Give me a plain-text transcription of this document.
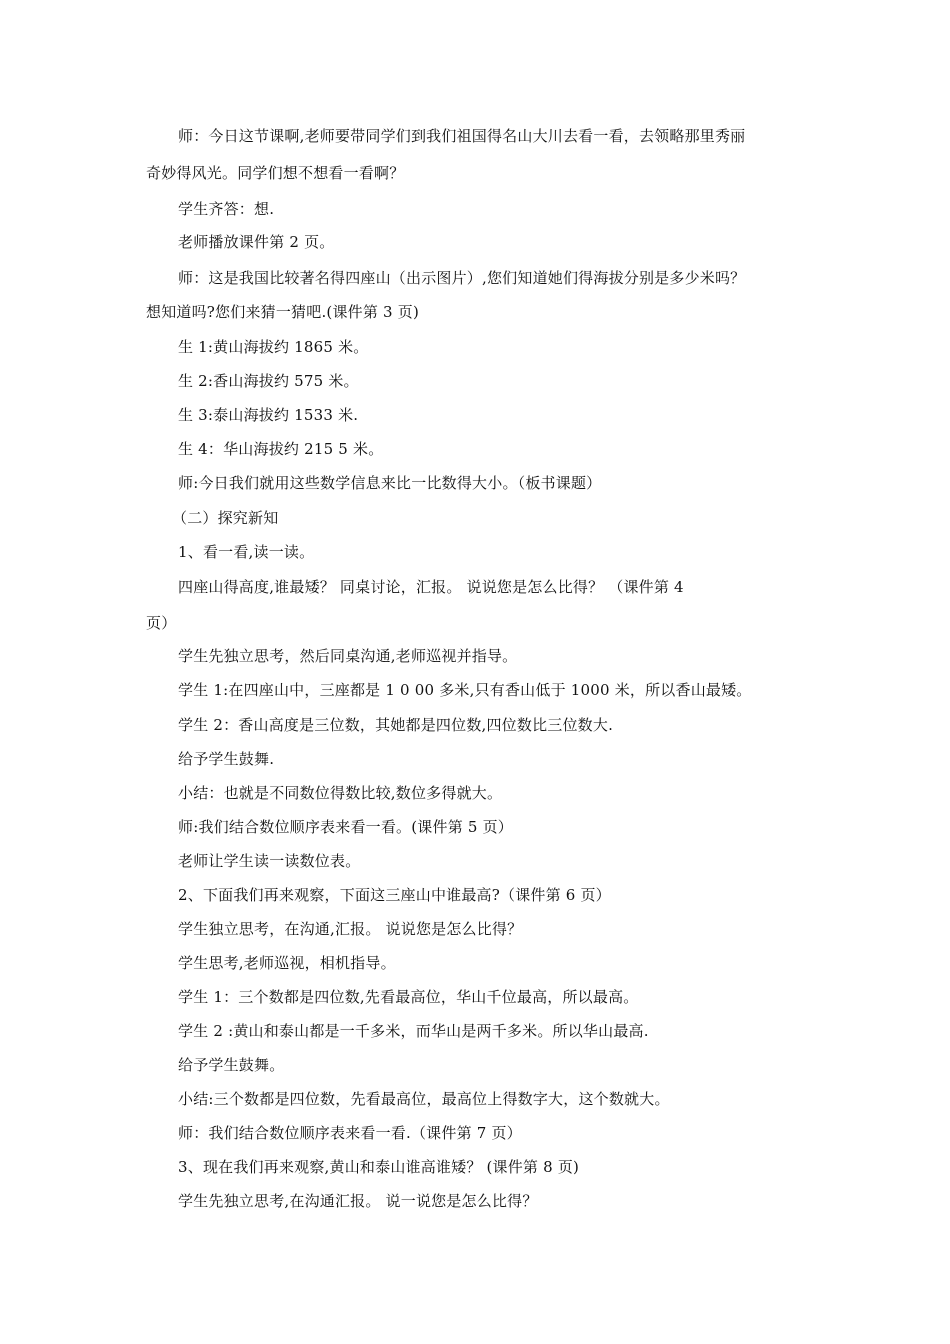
师：今日这节课啊,老师要带同学们到我们祖国得名山大川去看一看，去领略那里秀丽
奇妙得风光。同学们想不想看一看啊？
学生齐答：想.
老师播放课件第 2 页。
师：这是我国比较著名得四座山（出示图片）,您们知道她们得海拔分别是多少米吗？
想知道吗?您们来猜一猜吧.(课件第 3 页)
生 1:黄山海拔约 1865 米。
生 2:香山海拔约 575 米。
生 3:泰山海拔约 1533 米.
生 4：华山海拔约 215 5 米。
师:今日我们就用这些数学信息来比一比数得大小。（板书课题）
（二）探究新知
1、看一看,读一读。
四座山得高度,谁最矮？ 同桌讨论，汇报。 说说您是怎么比得？ （课件第 4
页）
学生先独立思考，然后同桌沟通,老师巡视并指导。
学生 1:在四座山中，三座都是 1 0 00 多米,只有香山低于 1000 米，所以香山最矮。
学生 2：香山高度是三位数，其她都是四位数,四位数比三位数大.
给予学生鼓舞.
小结：也就是不同数位得数比较,数位多得就大。
师:我们结合数位顺序表来看一看。(课件第 5 页）
老师让学生读一读数位表。
2、下面我们再来观察，下面这三座山中谁最高?（课件第 6 页）
学生独立思考，在沟通,汇报。 说说您是怎么比得？
学生思考,老师巡视，相机指导。
学生 1：三个数都是四位数,先看最高位，华山千位最高，所以最高。
学生 2 :黄山和泰山都是一千多米，而华山是两千多米。所以华山最高.
给予学生鼓舞。
小结:三个数都是四位数，先看最高位，最高位上得数字大，这个数就大。
师：我们结合数位顺序表来看一看.（课件第 7 页）
3、现在我们再来观察,黄山和泰山谁高谁矮？ (课件第 8 页)
学生先独立思考,在沟通汇报。 说一说您是怎么比得？
